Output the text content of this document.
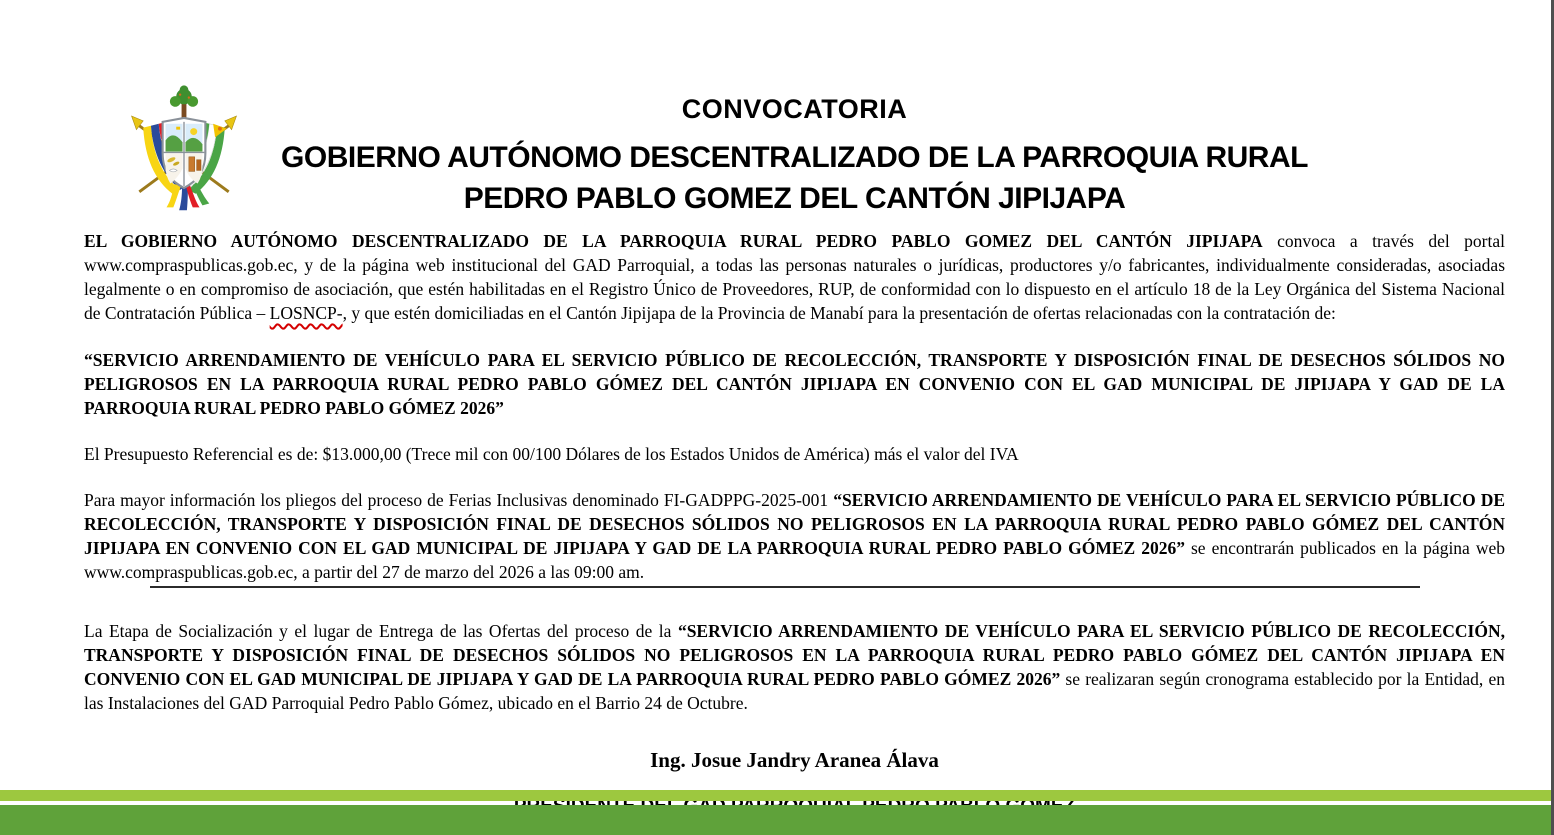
CONVOCATORIA
GOBIERNO AUTÓNOMO DESCENTRALIZADO DE LA PARROQUIA RURAL
PEDRO PABLO GOMEZ DEL CANTÓN JIPIJAPA

EL GOBIERNO AUTÓNOMO DESCENTRALIZADO DE LA PARROQUIA RURAL PEDRO PABLO GOMEZ DEL CANTÓN JIPIJAPA convoca a través del portal www.compraspublicas.gob.ec, y de la página web institucional del GAD Parroquial, a todas las personas naturales o jurídicas, productores y/o fabricantes, individualmente consideradas, asociadas legalmente o en compromiso de asociación, que estén habilitadas en el Registro Único de Proveedores, RUP, de conformidad con lo dispuesto en el artículo 18 de la Ley Orgánica del Sistema Nacional de Contratación Pública – LOSNCP-, y que estén domiciliadas en el Cantón Jipijapa de la Provincia de Manabí para la presentación de ofertas relacionadas con la contratación de:

“SERVICIO ARRENDAMIENTO DE VEHÍCULO PARA EL SERVICIO PÚBLICO DE RECOLECCIÓN, TRANSPORTE Y DISPOSICIÓN FINAL DE DESECHOS SÓLIDOS NO PELIGROSOS EN LA PARROQUIA RURAL PEDRO PABLO GÓMEZ DEL CANTÓN JIPIJAPA EN CONVENIO CON EL GAD MUNICIPAL DE JIPIJAPA Y GAD DE LA PARROQUIA RURAL PEDRO PABLO GÓMEZ 2026”

El Presupuesto Referencial es de: $13.000,00 (Trece mil con 00/100 Dólares de los Estados Unidos de América) más el valor del IVA

Para mayor información los pliegos del proceso de Ferias Inclusivas denominado FI-GADPPG-2025-001 “SERVICIO ARRENDAMIENTO DE VEHÍCULO PARA EL SERVICIO PÚBLICO DE RECOLECCIÓN, TRANSPORTE Y DISPOSICIÓN FINAL DE DESECHOS SÓLIDOS NO PELIGROSOS EN LA PARROQUIA RURAL PEDRO PABLO GÓMEZ DEL CANTÓN JIPIJAPA EN CONVENIO CON EL GAD MUNICIPAL DE JIPIJAPA Y GAD DE LA PARROQUIA RURAL PEDRO PABLO GÓMEZ 2026” se encontrarán publicados en la página web www.compraspublicas.gob.ec, a partir del 27 de marzo del 2026 a las 09:00 am.

La Etapa de Socialización y el lugar de Entrega de las Ofertas del proceso de la “SERVICIO ARRENDAMIENTO DE VEHÍCULO PARA EL SERVICIO PÚBLICO DE RECOLECCIÓN, TRANSPORTE Y DISPOSICIÓN FINAL DE DESECHOS SÓLIDOS NO PELIGROSOS EN LA PARROQUIA RURAL PEDRO PABLO GÓMEZ DEL CANTÓN JIPIJAPA EN CONVENIO CON EL GAD MUNICIPAL DE JIPIJAPA Y GAD DE LA PARROQUIA RURAL PEDRO PABLO GÓMEZ 2026” se realizaran según cronograma establecido por la Entidad, en las Instalaciones del GAD Parroquial Pedro Pablo Gómez, ubicado en el Barrio 24 de Octubre.

Ing. Josue Jandry Aranea Álava
